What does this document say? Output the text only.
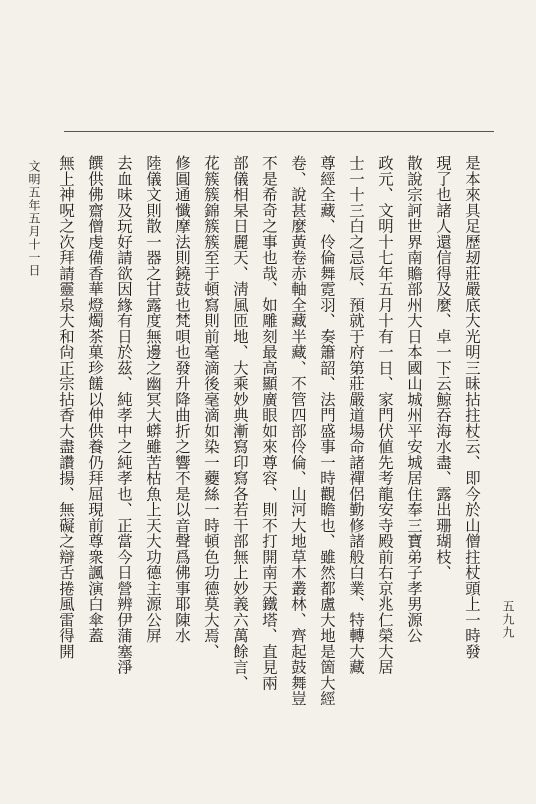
是本來具足歷刼莊嚴底大光明三昧拈拄杖云、即今於山僧拄杖頭上一時發
現了也諸人還信得及麼、卓一下云鯨吞海水盡、露出珊瑚枝、
散說宗訶世界南贍部州大日本國山城州平安城居住奉三寶弟子孝男源公
政元、文明十七年五月十有一日、家門伏値先考龍安寺殿前右京兆仁榮大居
士一十三白之忌辰、預就于府第莊嚴道場命諸禪侶勤修諸般白業、特轉大藏
尊經全藏、伶倫舞霓羽、奏簫韶、法門盛事一時觀瞻也、雖然都盧大地是箇大經
卷、說甚麼黃卷赤軸全藏半藏、不管四部伶倫、山河大地草木叢林、齊起鼓舞豈
不是希奇之事也哉、如雕刻最高顯廣眼如來尊容、則不打開南天鐵塔、直見兩
部儀相杲日麗天、淸風匝地、大乘妙典漸寫印寫各若干部無上妙義六萬餘言、
花簇簇錦簇簇至于頓寫則前毫滴後毫滴如染一蘷絲一時頓色功德莫大焉、
修圓通懺摩法則鐃鼓也梵唄也發升降曲折之響不是以音聲爲佛事耶陳水
陸儀文則散一器之甘露度無邊之幽冥大蟒雖苦枯魚上天大功德主源公屏
去血味及玩好請欲因緣有日於茲、純孝中之純孝也、正當今日營辨伊蒲塞淨
饌供佛齋僧虔備香華燈燭茶菓珍饈以伸供養仍拜屈現前尊衆諷演白傘蓋
無上神呪之次拜請靈泉大和尙正宗拈香大盡讚揚、無礙之辯舌捲風雷得開
文明五年五月十一日
五九九
